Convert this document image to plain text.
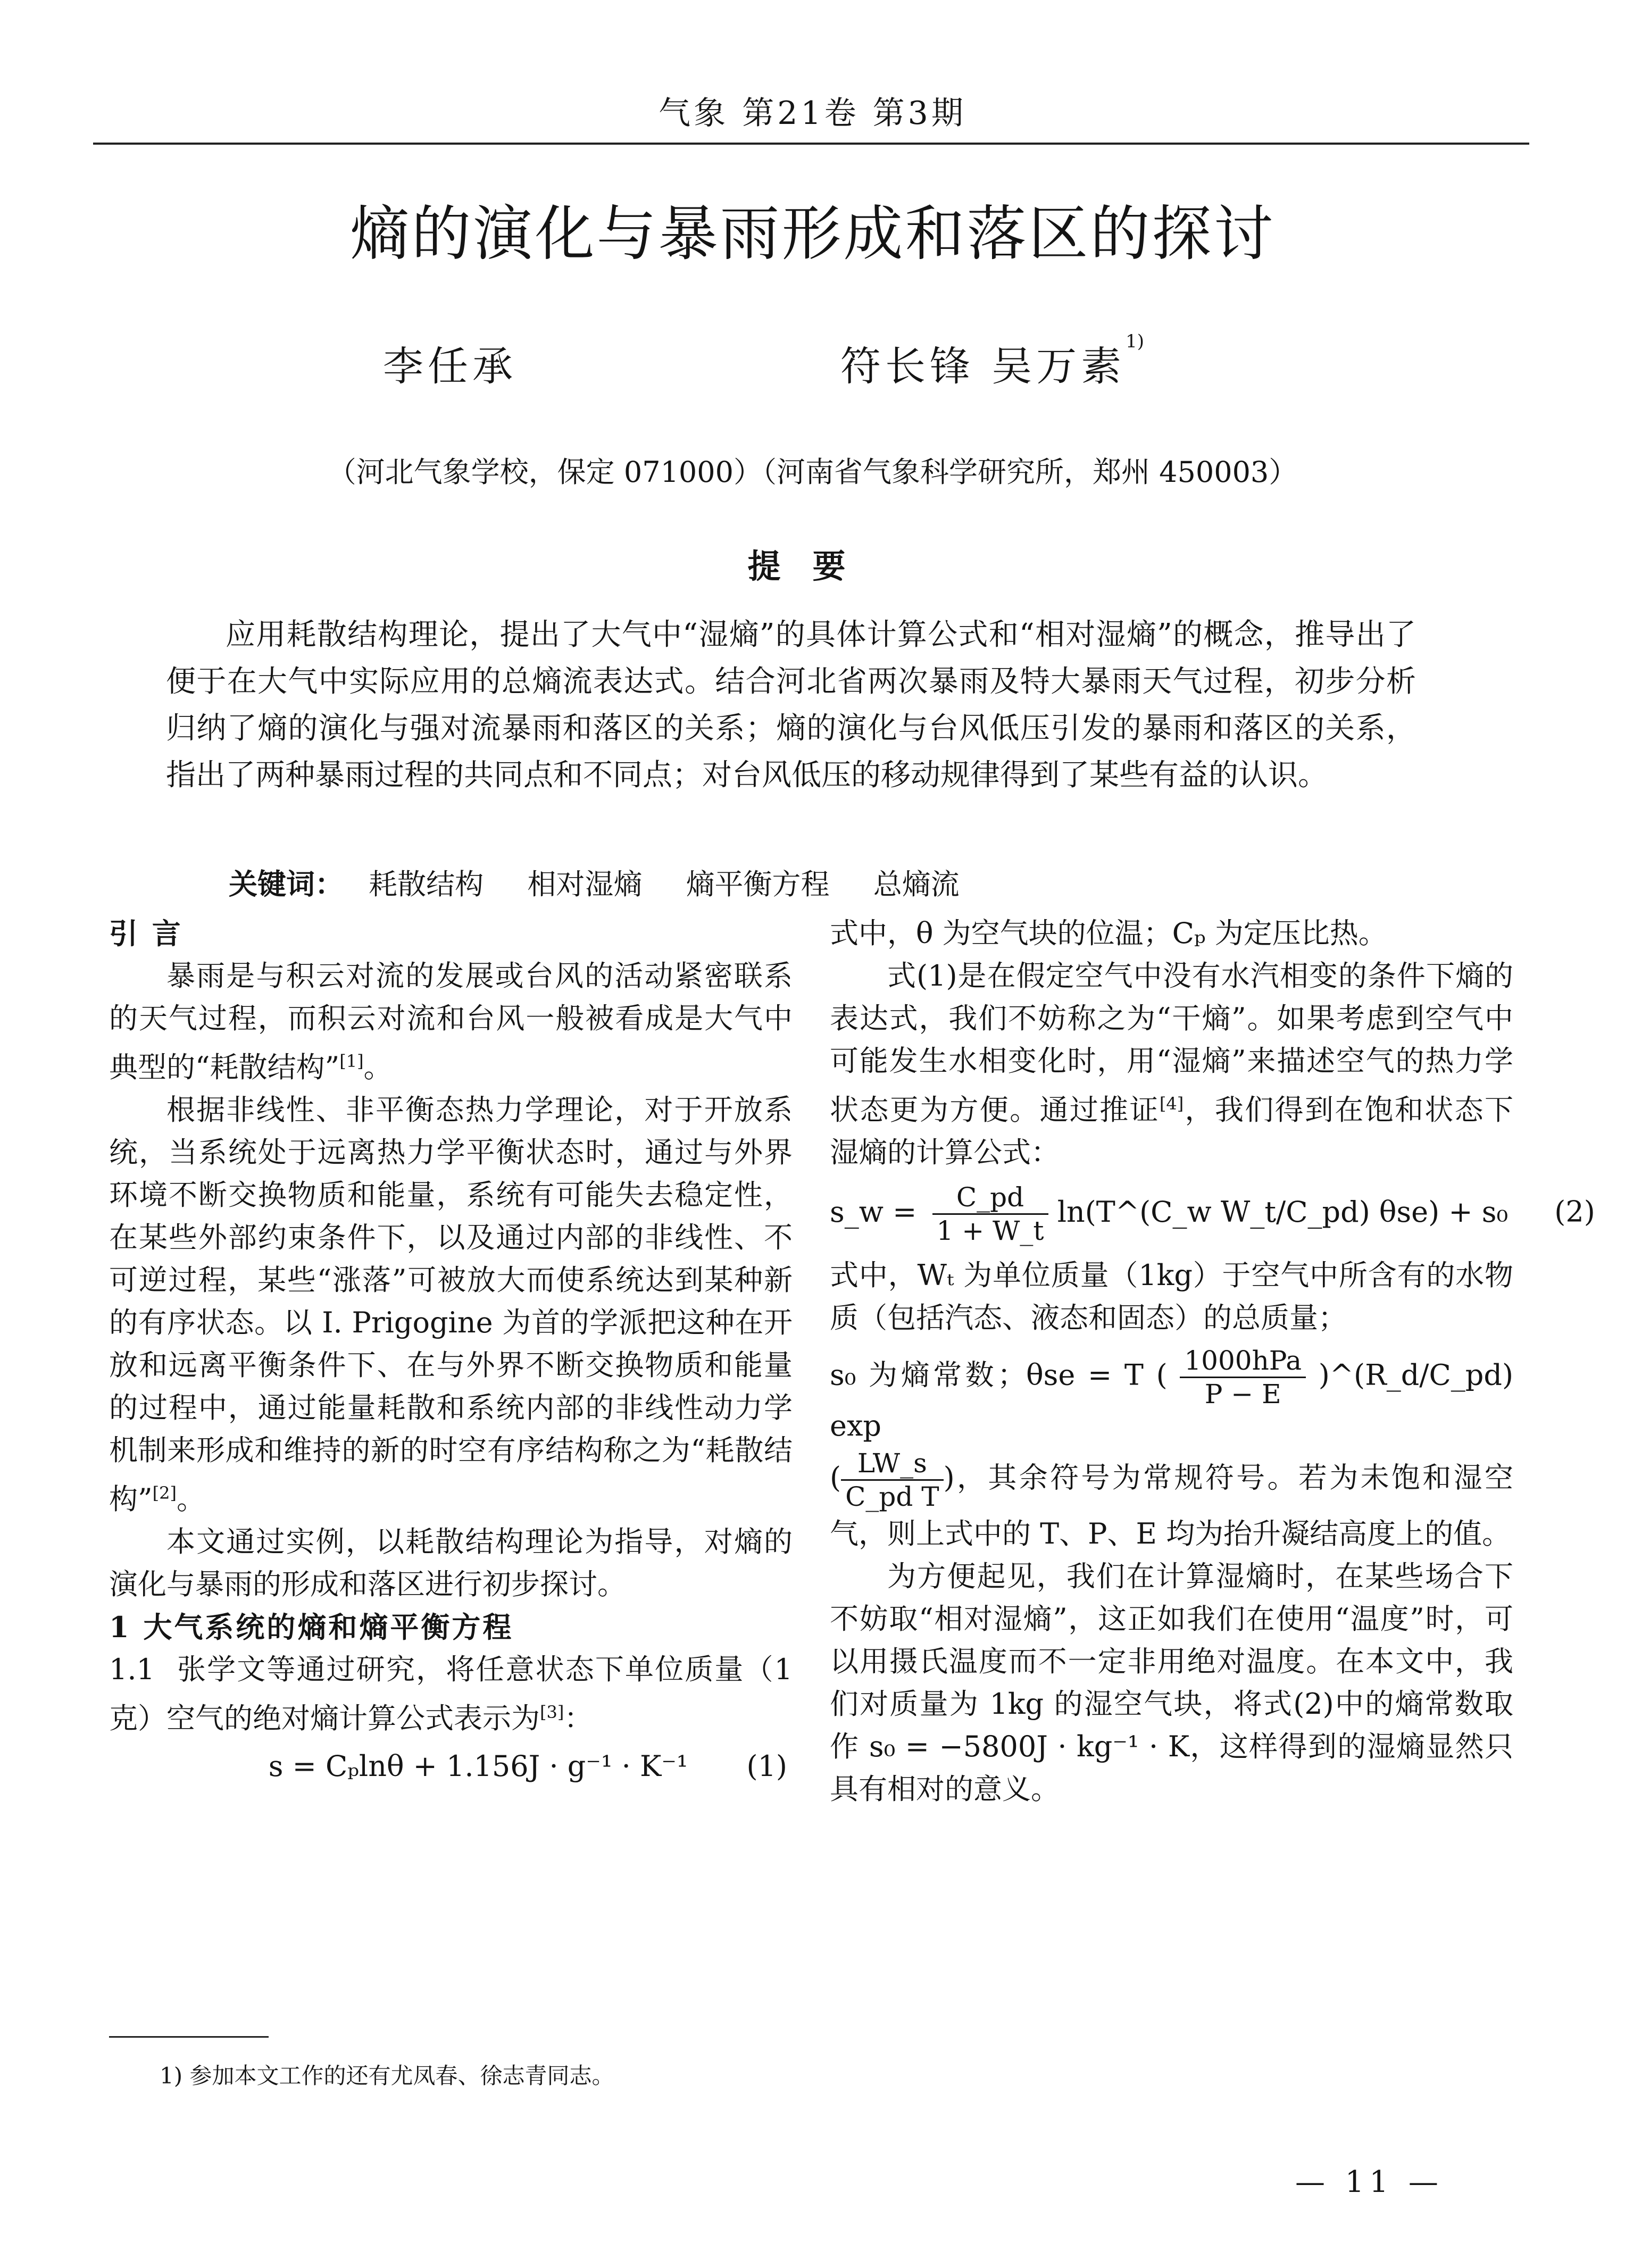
气象 第21卷 第3期
熵的演化与暴雨形成和落区的探讨
李任承	符长锋 吴万素$^{1)}$
（河北气象学校，保定 071000）（河南省气象科学研究所，郑州 450003）
提要

应用耗散结构理论，提出了大气中“湿熵”的具体计算公式和“相对湿熵”的概念，推导出了便于在大气中实际应用的总熵流表达式。结合河北省两次暴雨及特大暴雨天气过程，初步分析归纳了熵的演化与强对流暴雨和落区的关系；熵的演化与台风低压引发的暴雨和落区的关系，指出了两种暴雨过程的共同点和不同点；对台风低压的移动规律得到了某些有益的认识。

关键词： 耗散结构 相对湿熵 熵平衡方程 总熵流

引 言

暴雨是与积云对流的发展或台风的活动紧密联系的天气过程，而积云对流和台风一般被看成是大气中典型的“耗散结构”[1]。

根据非线性、非平衡态热力学理论，对于开放系统，当系统处于远离热力学平衡状态时，通过与外界环境不断交换物质和能量，系统有可能失去稳定性，在某些外部约束条件下，以及通过内部的非线性、不可逆过程，某些“涨落”可被放大而使系统达到某种新的有序状态。以 I. Prigogine 为首的学派把这种在开放和远离平衡条件下、在与外界不断交换物质和能量的过程中，通过能量耗散和系统内部的非线性动力学机制来形成和维持的新的时空有序结构称之为“耗散结构”[2]。

本文通过实例，以耗散结构理论为指导，对熵的演化与暴雨的形成和落区进行初步探讨。

1 大气系统的熵和熵平衡方程

1.1 张学文等通过研究，将任意状态下单位质量（1 克）空气的绝对熵计算公式表示为[3]：

s = Cₚlnθ + 1.156J · g⁻¹ · K⁻¹ (1)

式中，θ 为空气块的位温；Cₚ 为定压比热。

式(1)是在假定空气中没有水汽相变的条件下熵的表达式，我们不妨称之为“干熵”。如果考虑到空气中可能发生水相变化时，用“湿熵”来描述空气的热力学状态更为方便。通过推证[4]，我们得到在饱和状态下湿熵的计算公式：

s_w = $\frac{C\_pd}{1 + W\_t}$ ln(T^(C_w W_t/C_pd) θse) + s₀ (2)

式中，Wₜ 为单位质量（1kg）于空气中所含有的水物质（包括汽态、液态和固态）的总质量；

s₀ 为熵常数；θse = T ( $\frac{\text{1000hPa}}{P - E}$ )^(R_d/C_pd) exp

( $\frac{LW\_s}{\text{C\_pd T}}$ )，其余符号为常规符号。若为未饱和湿空气，则上式中的 T、P、E 均为抬升凝结高度上的值。

为方便起见，我们在计算湿熵时，在某些场合下不妨取“相对湿熵”，这正如我们在使用“温度”时，可以用摄氏温度而不一定非用绝对温度。在本文中，我们对质量为 1kg 的湿空气块，将式(2)中的熵常数取作 s₀ = −5800J · kg⁻¹ · K，这样得到的湿熵显然只具有相对的意义。

1) 参加本文工作的还有尤凤春、徐志青同志。
— 11 —
